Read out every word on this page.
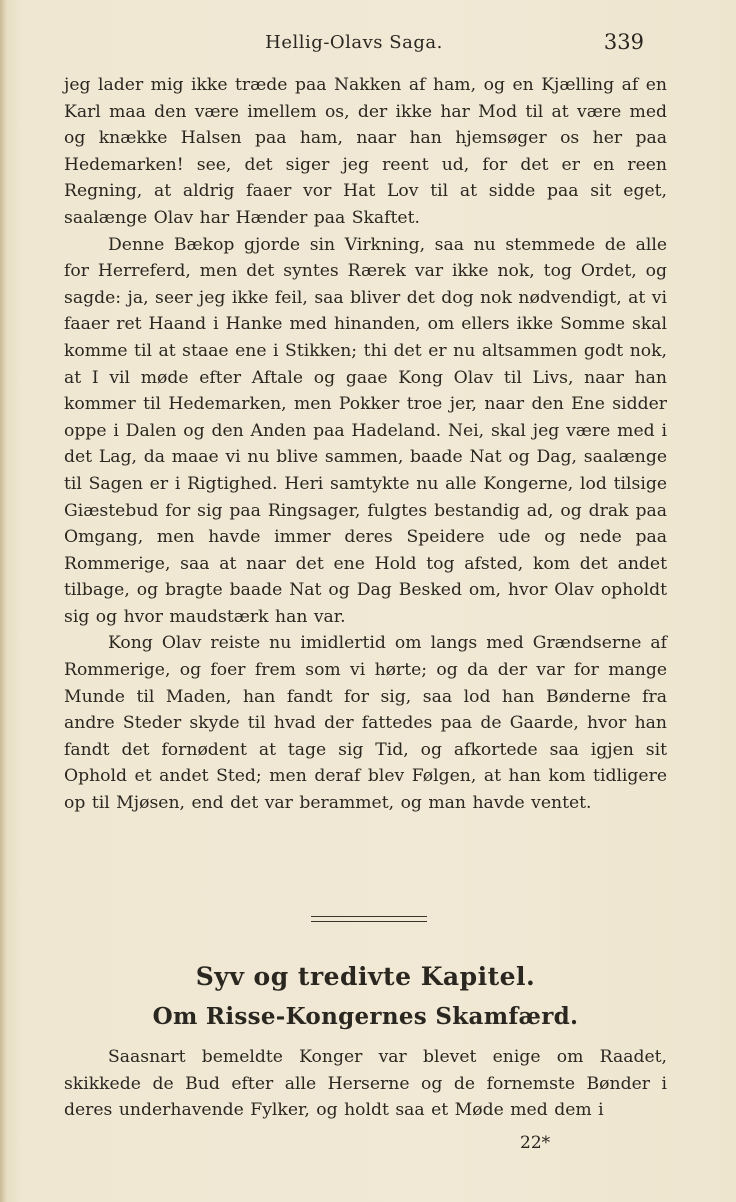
Hellig-Olavs Saga.	339

jeg lader mig ikke træde paa Nakken af ham, og en Kjælling af en Karl maa den være imellem os, der ikke har Mod til at være med og knække Halsen paa ham, naar han hjemsøger os her paa Hedemarken! see, det siger jeg reent ud, for det er en reen Regning, at aldrig faaer vor Hat Lov til at sidde paa sit eget, saalænge Olav har Hænder paa Skaftet.

Denne Bækop gjorde sin Virkning, saa nu stemmede de alle for Herreferd, men det syntes Rærek var ikke nok, tog Ordet, og sagde: ja, seer jeg ikke feil, saa bliver det dog nok nødvendigt, at vi faaer ret Haand i Hanke med hinanden, om ellers ikke Somme skal komme til at staae ene i Stikken; thi det er nu altsammen godt nok, at I vil møde efter Aftale og gaae Kong Olav til Livs, naar han kommer til Hedemarken, men Pokker troe jer, naar den Ene sidder oppe i Dalen og den Anden paa Hadeland. Nei, skal jeg være med i det Lag, da maae vi nu blive sammen, baade Nat og Dag, saalænge til Sagen er i Rigtighed. Heri samtykte nu alle Kongerne, lod tilsige Giæstebud for sig paa Ringsager, fulgtes bestandig ad, og drak paa Omgang, men havde immer deres Speidere ude og nede paa Rommerige, saa at naar det ene Hold tog afsted, kom det andet tilbage, og bragte baade Nat og Dag Besked om, hvor Olav opholdt sig og hvor maudstærk han var.

Kong Olav reiste nu imidlertid om langs med Grændserne af Rommerige, og foer frem som vi hørte; og da der var for mange Munde til Maden, han fandt for sig, saa lod han Bønderne fra andre Steder skyde til hvad der fattedes paa de Gaarde, hvor han fandt det fornødent at tage sig Tid, og afkortede saa igjen sit Ophold et andet Sted; men deraf blev Følgen, at han kom tidligere op til Mjøsen, end det var berammet, og man havde ventet.

Syv og tredivte Kapitel.
Om Risse-Kongernes Skamfærd.

Saasnart bemeldte Konger var blevet enige om Raadet, skikkede de Bud efter alle Herserne og de fornemste Bønder i deres underhavende Fylker, og holdt saa et Møde med dem i

22*
